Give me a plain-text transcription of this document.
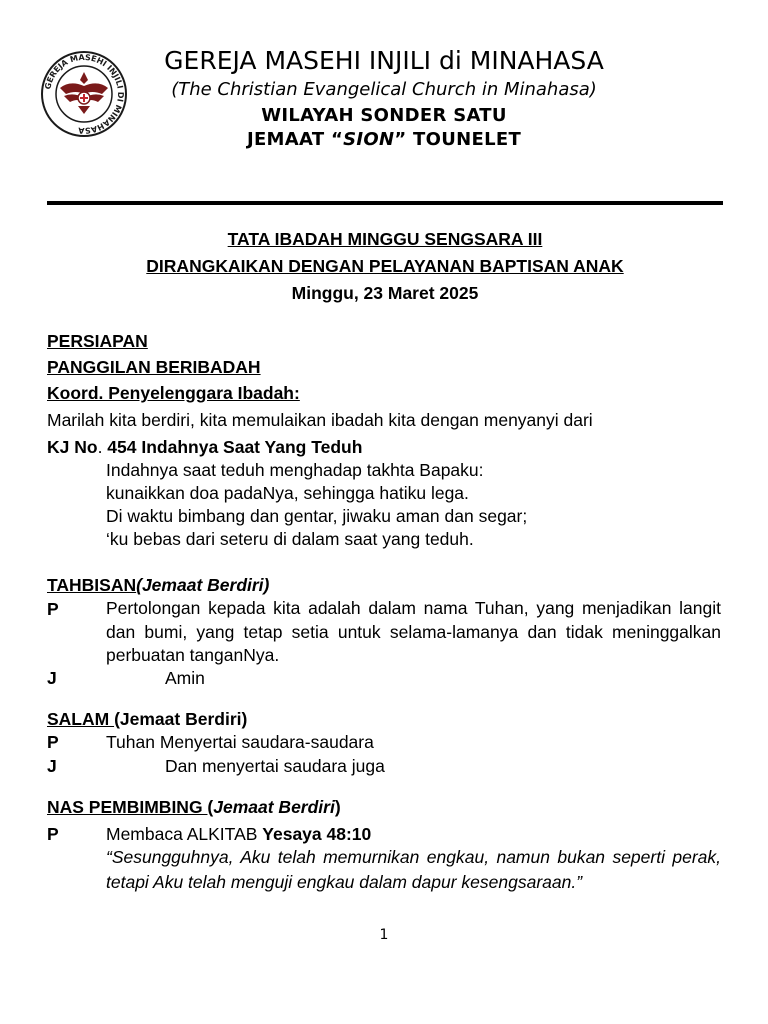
GEREJA MASEHI INJILI DI MINAHASA
GEREJA MASEHI INJILI di MINAHASA
(The Christian Evangelical Church in Minahasa)
WILAYAH SONDER SATU
JEMAAT “SION” TOUNELET
TATA IBADAH MINGGU SENGSARA III
DIRANGKAIKAN DENGAN PELAYANAN BAPTISAN ANAK
Minggu, 23 Maret 2025
PERSIAPAN
PANGGILAN BERIBADAH
Koord. Penyelenggara Ibadah:
Marilah kita berdiri, kita memulaikan ibadah kita dengan menyanyi dari
KJ No. 454 Indahnya Saat Yang Teduh
Indahnya saat teduh menghadap takhta Bapaku:
kunaikkan doa padaNya, sehingga hatiku lega.
Di waktu bimbang dan gentar, jiwaku aman dan segar;
‘ku bebas dari seteru di dalam saat yang teduh.
TAHBISAN(Jemaat Berdiri)
P	Pertolongan kepada kita adalah dalam nama Tuhan, yang menjadikan langit dan bumi, yang tetap setia untuk selama-lamanya dan tidak meninggalkan perbuatan tanganNya.
J	Amin
SALAM (Jemaat Berdiri)
P	Tuhan Menyertai saudara-saudara
J	Dan menyertai saudara juga
NAS PEMBIMBING (Jemaat Berdiri)
P	Membaca ALKITAB Yesaya 48:10
“Sesungguhnya, Aku telah memurnikan engkau, namun bukan seperti perak, tetapi Aku telah menguji engkau dalam dapur kesengsaraan.”
1
